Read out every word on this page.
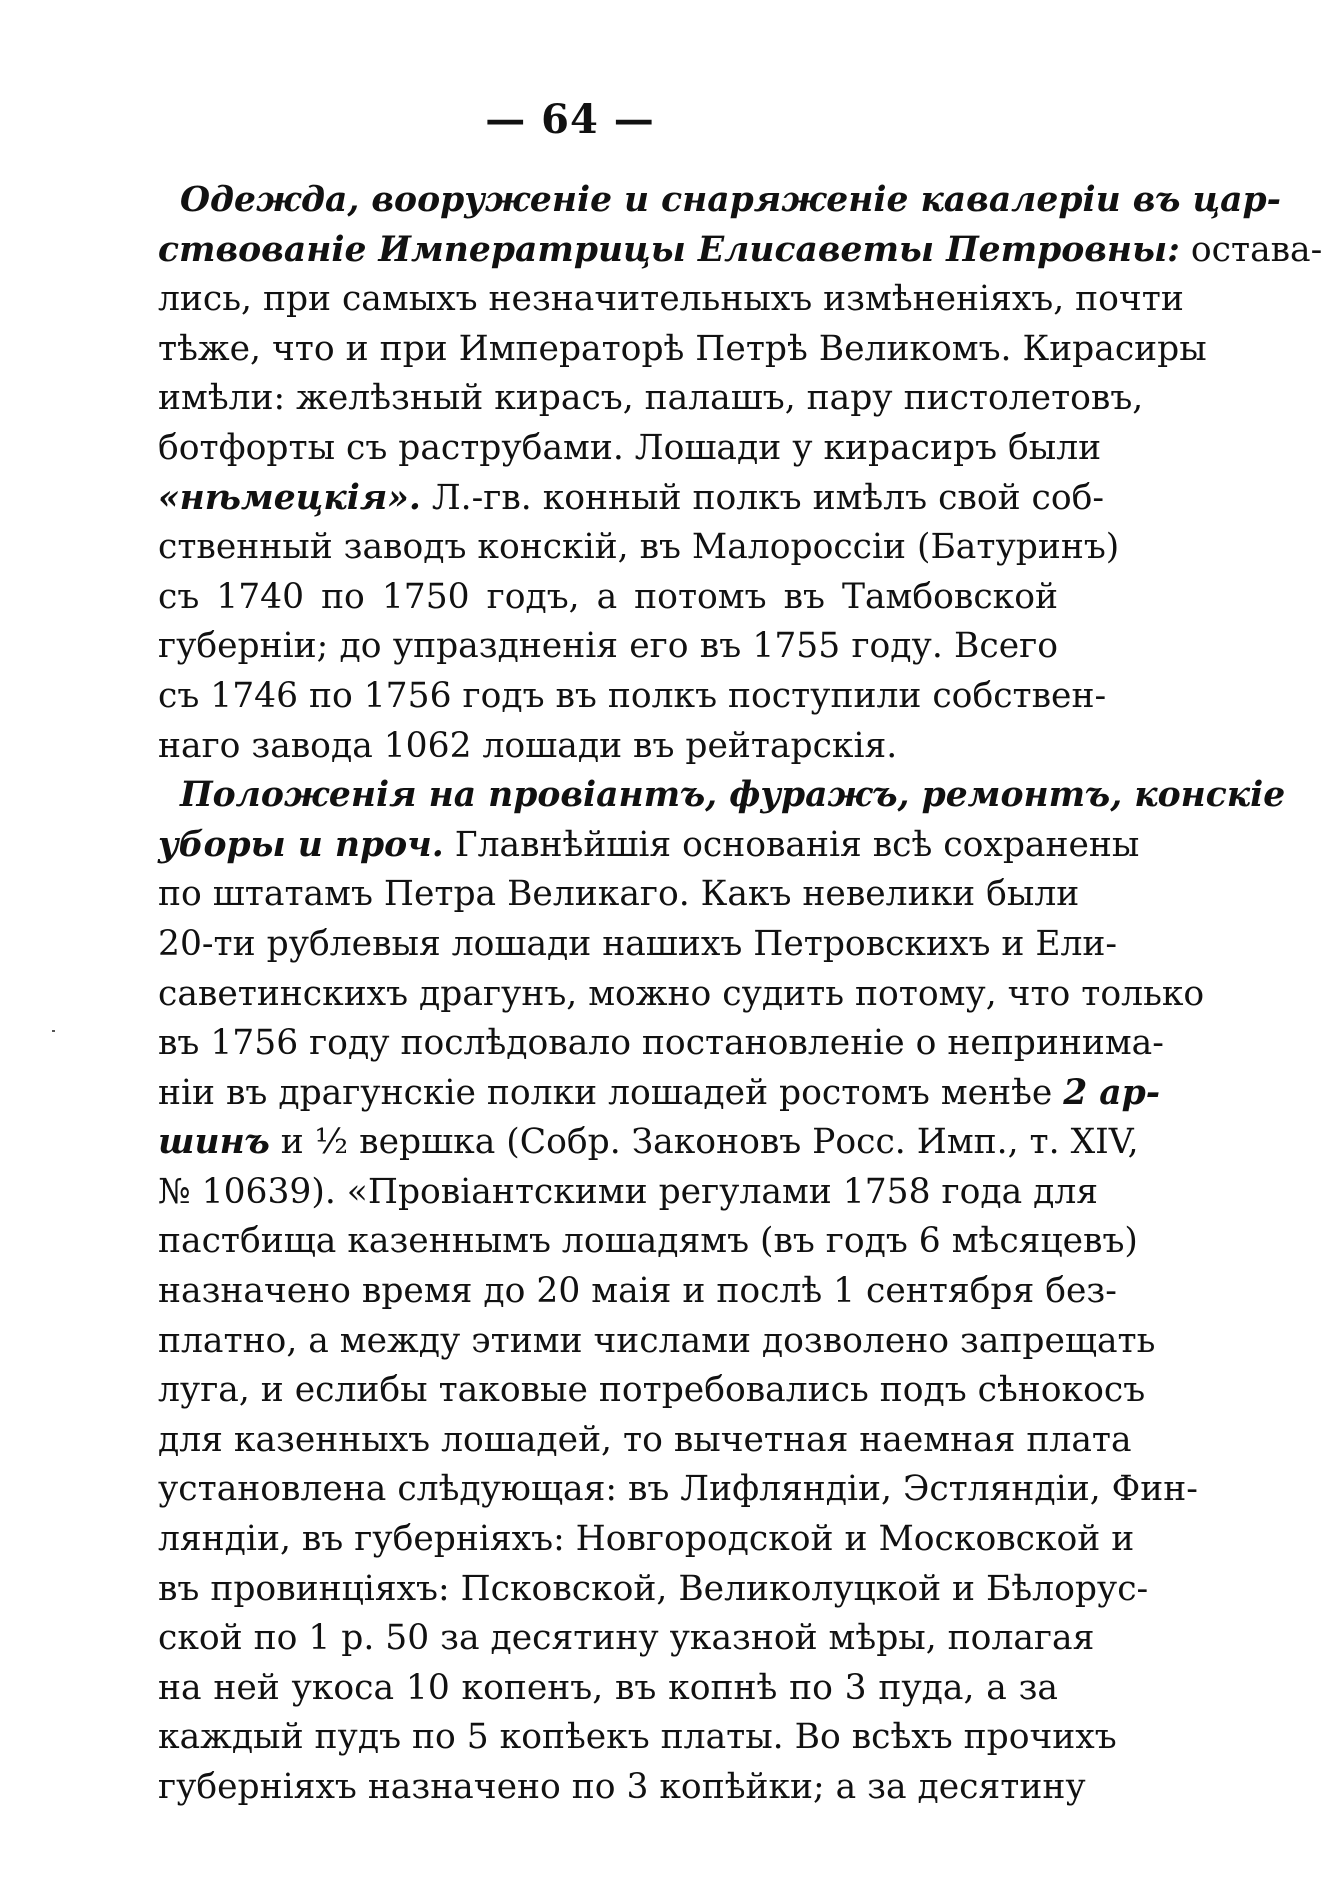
— 64 —
Одежда, вооруженіе и снаряженіе кавалеріи въ цар-
ствованіе Императрицы Елисаветы Петровны: остава-
лись, при самыхъ незначительныхъ измѣненіяхъ, почти
тѣже, что и при Императорѣ Петрѣ Великомъ. Кирасиры
имѣли: желѣзный кирасъ, палашъ, пару пистолетовъ,
ботфорты съ раструбами. Лошади у кирасиръ были
«нѣмецкія». Л.-гв. конный полкъ имѣлъ свой соб-
ственный заводъ конскій, въ Малороссіи (Батуринъ)
съ 1740 по 1750 годъ, а потомъ въ Тамбовской
губерніи; до упраздненія его въ 1755 году. Всего
съ 1746 по 1756 годъ въ полкъ поступили собствен-
наго завода 1062 лошади въ рейтарскія.
Положенія на провіантъ, фуражъ, ремонтъ, конскіе
уборы и проч. Главнѣйшія основанія всѣ сохранены
по штатамъ Петра Великаго. Какъ невелики были
20-ти рублевыя лошади нашихъ Петровскихъ и Ели-
саветинскихъ драгунъ, можно судить потому, что только
въ 1756 году послѣдовало постановленіе о непринима-
ніи въ драгунскіе полки лошадей ростомъ менѣе 2 ар-
шинъ и ½ вершка (Собр. Законовъ Росс. Имп., т. XIV,
№ 10639). «Провіантскими регулами 1758 года для
пастбища казеннымъ лошадямъ (въ годъ 6 мѣсяцевъ)
назначено время до 20 маія и послѣ 1 сентября без-
платно, а между этими числами дозволено запрещать
луга, и еслибы таковые потребовались подъ сѣнокосъ
для казенныхъ лошадей, то вычетная наемная плата
установлена слѣдующая: въ Лифляндіи, Эстляндіи, Фин-
ляндіи, въ губерніяхъ: Новгородской и Московской и
въ провинціяхъ: Псковской, Великолуцкой и Бѣлорус-
ской по 1 р. 50 за десятину указной мѣры, полагая
на ней укоса 10 копенъ, въ копнѣ по 3 пуда, а за
каждый пудъ по 5 копѣекъ платы. Во всѣхъ прочихъ
губерніяхъ назначено по 3 копѣйки; а за десятину
